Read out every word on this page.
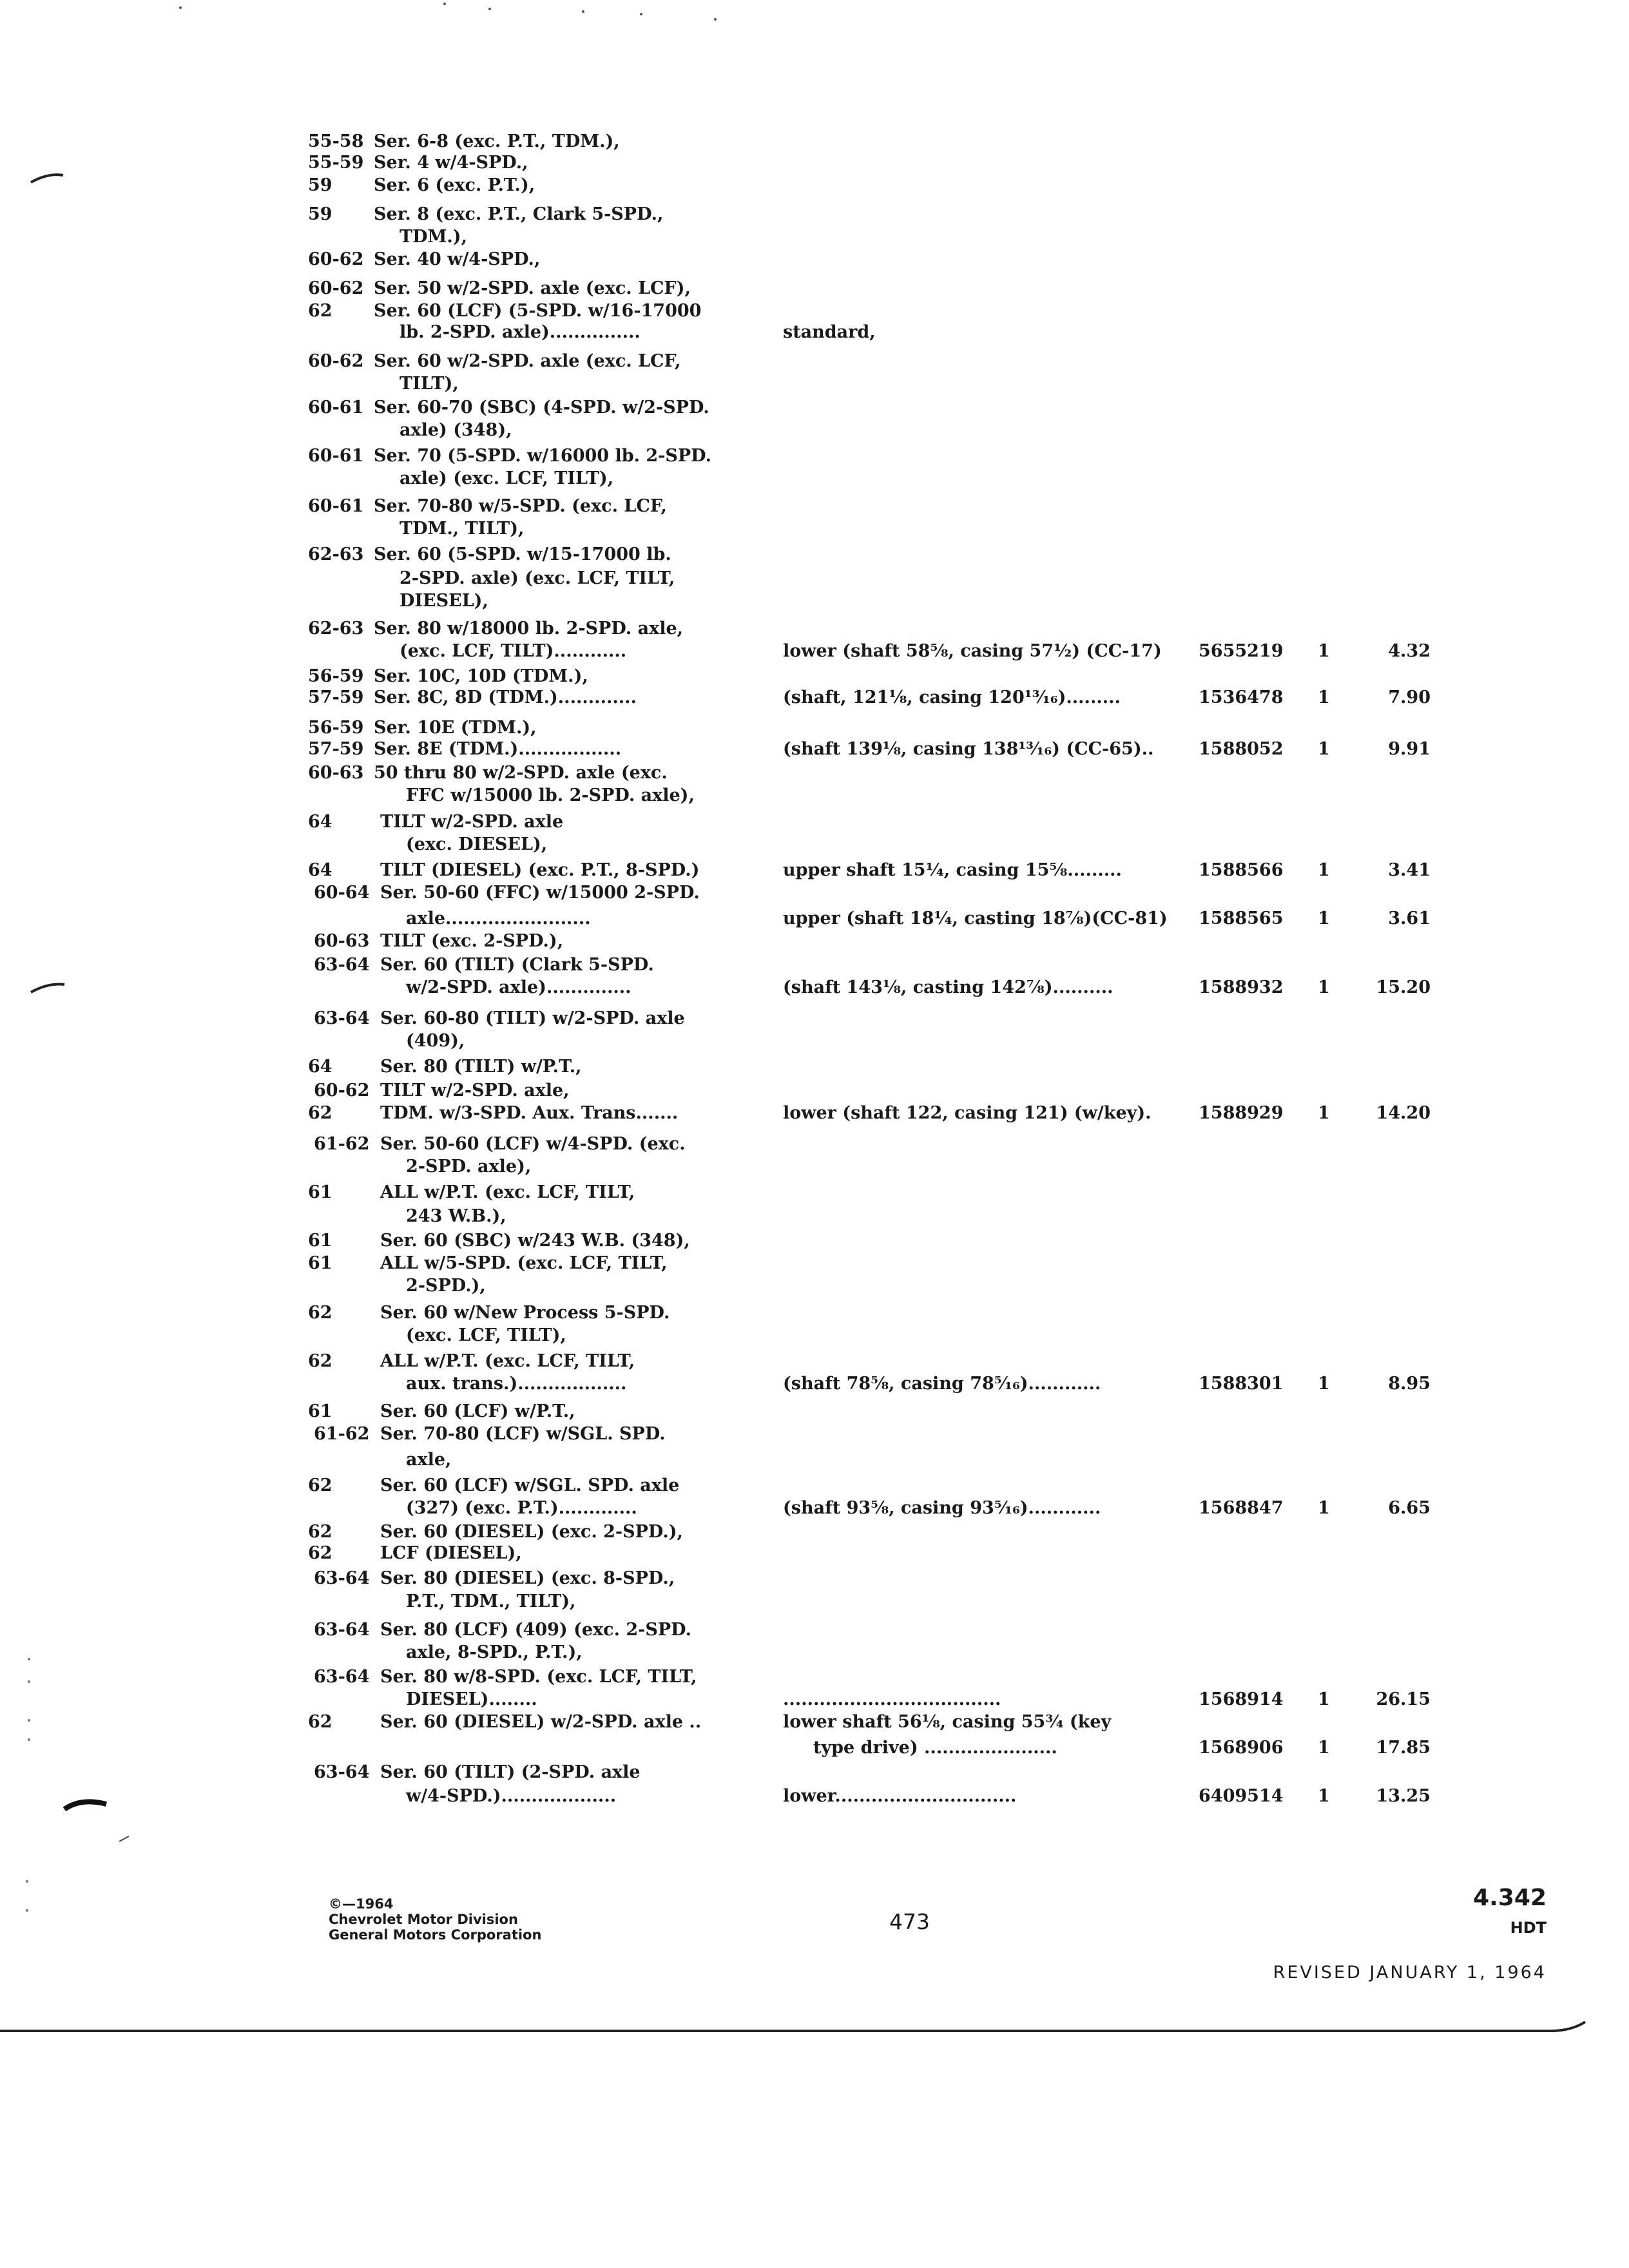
55-58 Ser. 6-8 (exc. P.T., TDM.),
55-59 Ser. 4 w/4-SPD.,
59	Ser. 6 (exc. P.T.),
59	Ser. 8 (exc. P.T., Clark 5-SPD.,
TDM.),
60-62 Ser. 40 w/4-SPD.,
60-62 Ser. 50 w/2-SPD. axle (exc. LCF),
62	Ser. 60 (LCF) (5-SPD. w/16-17000
lb. 2-SPD. axle)...............	standard,
60-62 Ser. 60 w/2-SPD. axle (exc. LCF,
TILT),
60-61 Ser. 60-70 (SBC) (4-SPD. w/2-SPD.
axle) (348),
60-61 Ser. 70 (5-SPD. w/16000 lb. 2-SPD.
axle) (exc. LCF, TILT),
60-61 Ser. 70-80 w/5-SPD. (exc. LCF,
TDM., TILT),
62-63 Ser. 60 (5-SPD. w/15-17000 lb.
2-SPD. axle) (exc. LCF, TILT,
DIESEL),
62-63 Ser. 80 w/18000 lb. 2-SPD. axle,
(exc. LCF, TILT)............	lower (shaft 58⅝, casing 57½) (CC-17) 5655219 1	4.32
56-59 Ser. 10C, 10D (TDM.),
57-59 Ser. 8C, 8D (TDM.).............	(shaft, 121⅛, casing 120¹³⁄₁₆).........	1536478 1	7.90
56-59 Ser. 10E (TDM.),
57-59 Ser. 8E (TDM.).................	(shaft 139⅛, casing 138¹³⁄₁₆) (CC-65)..	1588052 1	9.91
60-63 50 thru 80 w/2-SPD. axle (exc.
FFC w/15000 lb. 2-SPD. axle),
64	TILT w/2-SPD. axle
(exc. DIESEL),
64	TILT (DIESEL) (exc. P.T., 8-SPD.)	upper shaft 15¼, casing 15⅝.........	1588566 1	3.41
60-64 Ser. 50-60 (FFC) w/15000 2-SPD.
axle........................	upper (shaft 18¼, casting 18⅞)(CC-81) 1588565 1	3.61
60-63 TILT (exc. 2-SPD.),
63-64 Ser. 60 (TILT) (Clark 5-SPD.
w/2-SPD. axle)..............	(shaft 143⅛, casting 142⅞)..........	1588932 1	15.20
63-64 Ser. 60-80 (TILT) w/2-SPD. axle
(409),
64	Ser. 80 (TILT) w/P.T.,
60-62 TILT w/2-SPD. axle,
62	TDM. w/3-SPD. Aux. Trans.......	lower (shaft 122, casing 121) (w/key).	1588929 1	14.20
61-62 Ser. 50-60 (LCF) w/4-SPD. (exc.
2-SPD. axle),
61	ALL w/P.T. (exc. LCF, TILT,
243 W.B.),
61	Ser. 60 (SBC) w/243 W.B. (348),
61	ALL w/5-SPD. (exc. LCF, TILT,
2-SPD.),
62	Ser. 60 w/New Process 5-SPD.
(exc. LCF, TILT),
62	ALL w/P.T. (exc. LCF, TILT,
aux. trans.)..................	(shaft 78⅝, casing 78⁵⁄₁₆)............	1588301 1	8.95
61	Ser. 60 (LCF) w/P.T.,
61-62 Ser. 70-80 (LCF) w/SGL. SPD.
axle,
62	Ser. 60 (LCF) w/SGL. SPD. axle
(327) (exc. P.T.).............	(shaft 93⅝, casing 93⁵⁄₁₆)............	1568847 1	6.65
62	Ser. 60 (DIESEL) (exc. 2-SPD.),
62	LCF (DIESEL),
63-64 Ser. 80 (DIESEL) (exc. 8-SPD.,
P.T., TDM., TILT),
63-64 Ser. 80 (LCF) (409) (exc. 2-SPD.
axle, 8-SPD., P.T.),
63-64 Ser. 80 w/8-SPD. (exc. LCF, TILT,
DIESEL)........	....................................	1568914 1	26.15
62	Ser. 60 (DIESEL) w/2-SPD. axle ..	lower shaft 56⅛, casing 55¾ (key
type drive) ......................	1568906 1	17.85
63-64 Ser. 60 (TILT) (2-SPD. axle
w/4-SPD.)...................	lower..............................	6409514 1	13.25
©—1964
Chevrolet Motor Division
General Motors Corporation
473
4.342
HDT
REVISED JANUARY 1, 1964
